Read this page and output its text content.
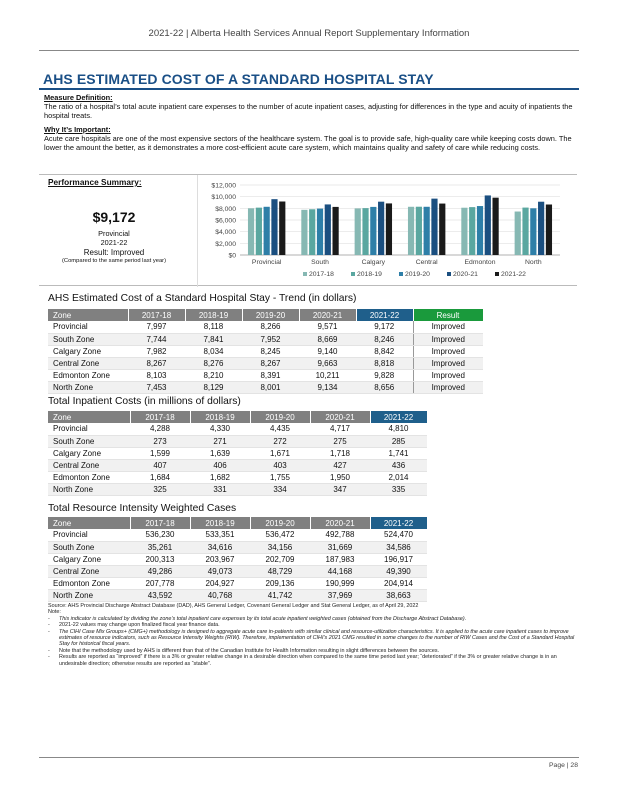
2021-22 | Alberta Health Services Annual Report Supplementary Information
AHS ESTIMATED COST OF A STANDARD HOSPITAL STAY

Measure Definition:
The ratio of a hospital’s total acute inpatient care expenses to the number of acute inpatient cases, adjusting for differences in the type and acuity of inpatients the hospital treats.

Why It’s Important:
Acute care hospitals are one of the most expensive sectors of the healthcare system. The goal is to provide safe, high-quality care while keeping costs down. The lower the amount the better, as it demonstrates a more cost-efficient acute care system, which maintains quality and safety of care while reducing costs.

Performance Summary:
$9,172
Provincial
2021-22
Result: Improved
(Compared to the same period last year)
$0
$2,000
$4,000
$6,000
$8,000
$10,000
$12,000
Provincial	South	Calgary	Central	Edmonton	North
2017-18	2018-19	2019-20	2020-21	2021-22
AHS Estimated Cost of a Standard Hospital Stay - Trend (in dollars)
Zone	2017-18	2018-19	2019-20	2020-21	2021-22	Result
Provincial	7,997	8,118	8,266	9,571	9,172	Improved
South Zone	7,744	7,841	7,952	8,669	8,246	Improved
Calgary Zone	7,982	8,034	8,245	9,140	8,842	Improved
Central Zone	8,267	8,276	8,267	9,663	8,818	Improved
Edmonton Zone	8,103	8,210	8,391	10,211	9,828	Improved
North Zone	7,453	8,129	8,001	9,134	8,656	Improved
Total Inpatient Costs (in millions of dollars)
Zone	2017-18	2018-19	2019-20	2020-21	2021-22
Provincial	4,288	4,330	4,435	4,717	4,810
South Zone	273	271	272	275	285
Calgary Zone	1,599	1,639	1,671	1,718	1,741
Central Zone	407	406	403	427	436
Edmonton Zone	1,684	1,682	1,755	1,950	2,014
North Zone	325	331	334	347	335
Total Resource Intensity Weighted Cases
Zone	2017-18	2018-19	2019-20	2020-21	2021-22
Provincial	536,230	533,351	536,472	492,788	524,470
South Zone	35,261	34,616	34,156	31,669	34,586
Calgary Zone	200,313	203,967	202,709	187,983	196,917
Central Zone	49,286	49,073	48,729	44,168	49,390
Edmonton Zone	207,778	204,927	209,136	190,999	204,914
North Zone	43,592	40,768	41,742	37,969	38,663
Source: AHS Provincial Discharge Abstract Database (DAD), AHS General Ledger, Covenant General Ledger and Stat General Ledger, as of April 29, 2022
Note:
-	This indicator is calculated by dividing the zone’s total inpatient care expenses by its total acute inpatient weighted cases (obtained from the Discharge Abstract Database).
-	2021-22 values may change upon finalized fiscal year finance data.
-	The CIHI Case Mix Groups+ (CMG+) methodology is designed to aggregate acute care in-patients with similar clinical and resource-utilization characteristics. It is applied to the acute care inpatient cases to improve estimates of resource indicators, such as Resource Intensity Weights (RIW). Therefore, implementation of CIHI’s 2021 CMG resulted in some changes to the number of RIW Cases and the Cost of a Standard Hospital Stay for historical fiscal years.
-	Note that the methodology used by AHS is different than that of the Canadian Institute for Health Information resulting in slight differences between the sources.
-	Results are reported as “improved” if there is a 3% or greater relative change in a desirable direction when compared to the same time period last year; “deteriorated” if the 3% or greater relative change is in an undesirable direction; otherwise results are reported as “stable”.
Page | 28
